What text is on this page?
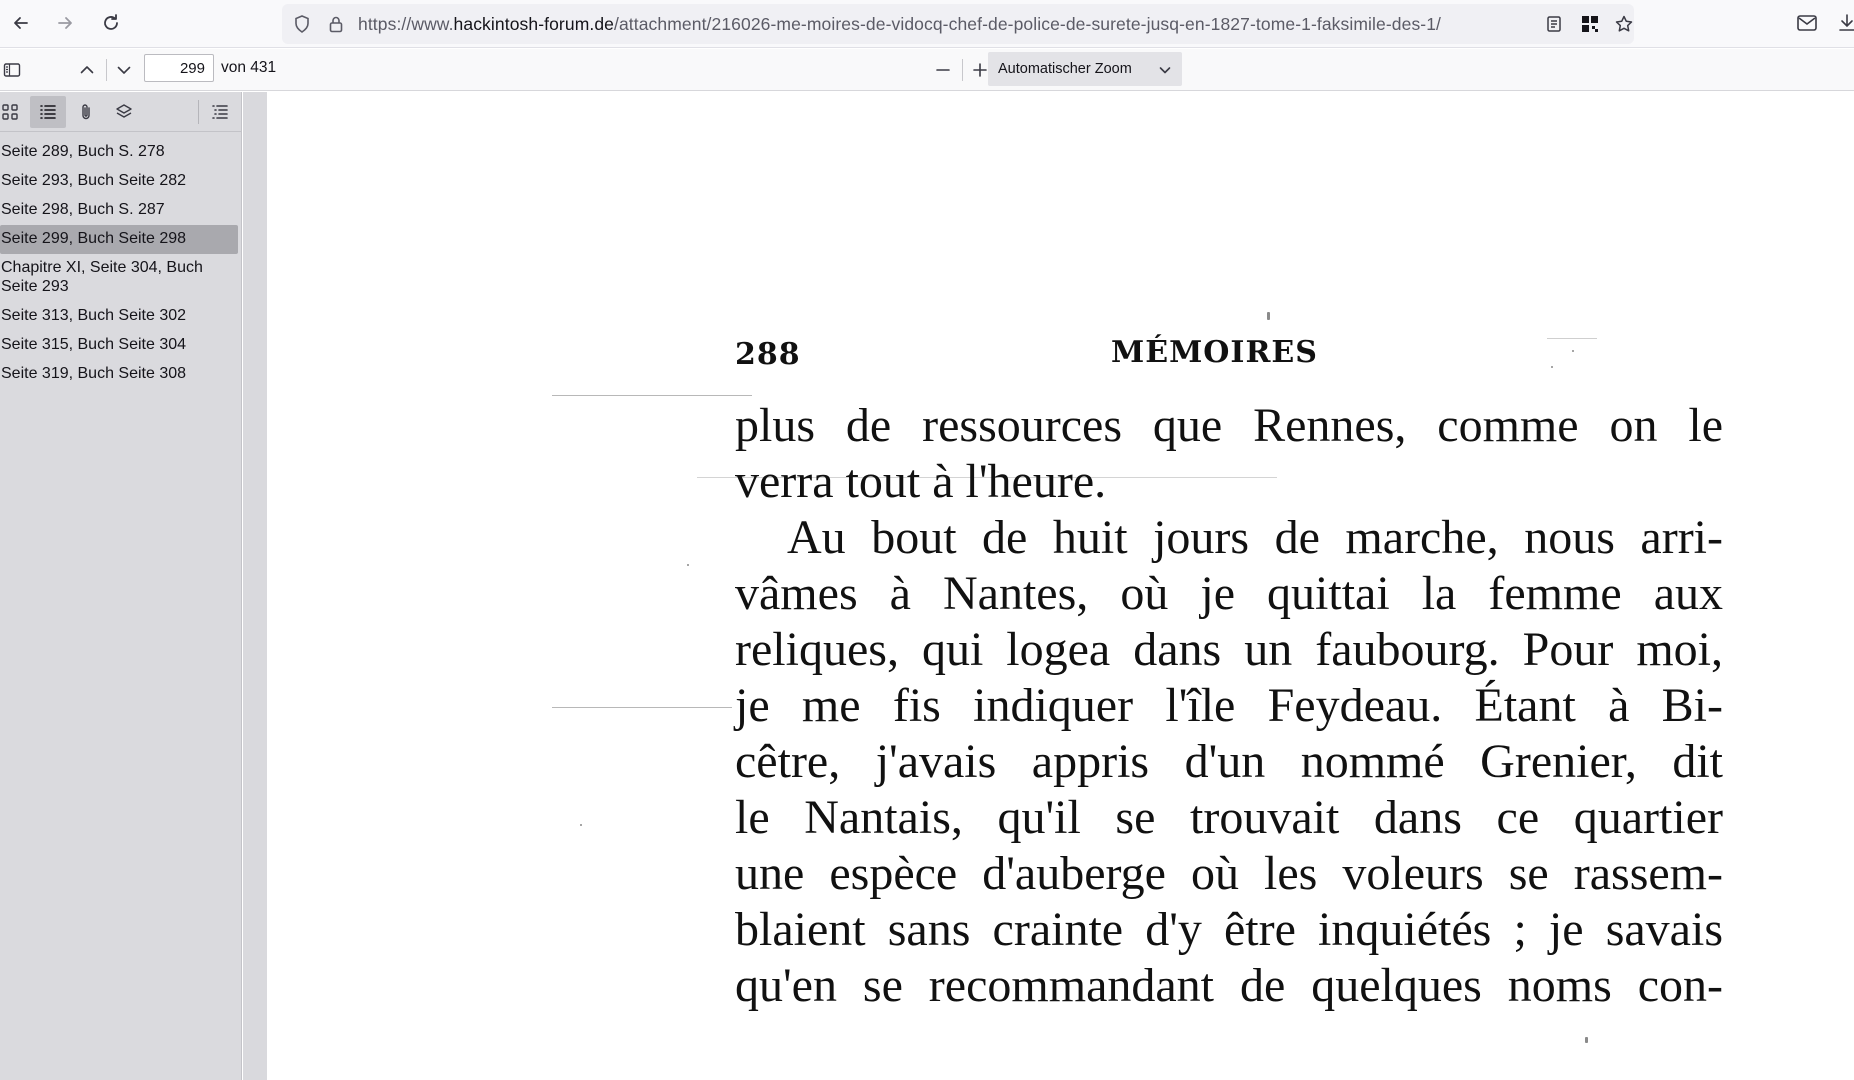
https://www.hackintosh-forum.de/attachment/216026-me-moires-de-vidocq-chef-de-police-de-surete-jusq-en-1827-tome-1-faksimile-des-1/
299
von 431	Automatischer Zoom
Seite 289, Buch S. 278
Seite 293, Buch Seite 282
Seite 298, Buch S. 287
Seite 299, Buch Seite 298
Chapitre XI, Seite 304, Buch Seite 293
Seite 313, Buch Seite 302
Seite 315, Buch Seite 304
Seite 319, Buch Seite 308
288	MÉMOIRES
plus de ressources que Rennes, comme on le
verra tout à l'heure.
Au bout de huit jours de marche, nous arri-
vâmes à Nantes, où je quittai la femme aux
reliques, qui logea dans un faubourg. Pour moi,
je me fis indiquer l'île Feydeau. Étant à Bi-
cêtre, j'avais appris d'un nommé Grenier, dit
le Nantais, qu'il se trouvait dans ce quartier
une espèce d'auberge où les voleurs se rassem-
blaient sans crainte d'y être inquiétés ; je savais
qu'en se recommandant de quelques noms con-
